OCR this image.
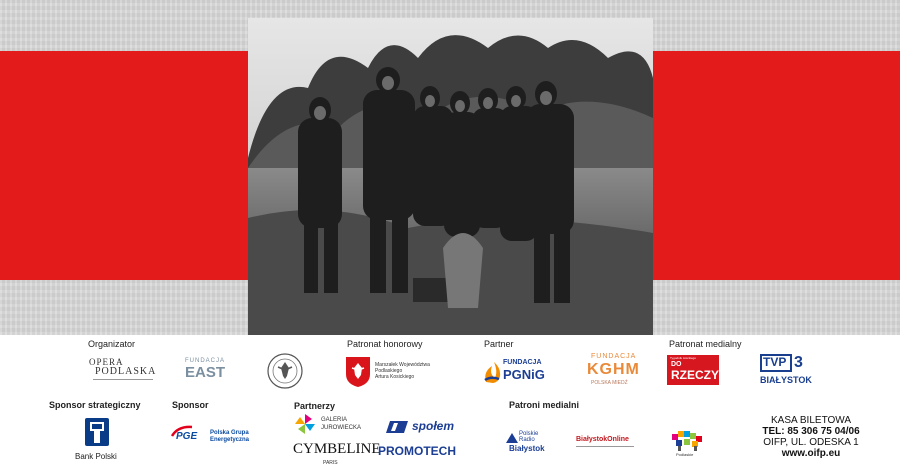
Organizator	Patronat honorowy	Partner	Patronat medialny
OPERA
PODLASKA
FUNDACJA
EAST	Marszałek Województwa
Podlaskiego
Artura Kosickiego
FUNDACJA
PGNiG
FUNDACJA
KGHM
POLSKA MIEDŹ
Tygodnik Lisickiego
DO
RZECZY
TVP 3
BIAŁYSTOK
Sponsor strategiczny	Sponsor	Partnerzy	Patroni medialni
Bank Polski
PGE Polska Grupa
Energetyczna
GALERIA
JUROWIECKA	społem
CYMBELINE
PARIS
PROMOTECH
Polskie
Radio
Białystok
BiałystokOnline
Podlaskie
KASA BILETOWA
TEL: 85 306 75 04/06
OIFP, UL. ODESKA 1
www.oifp.eu
